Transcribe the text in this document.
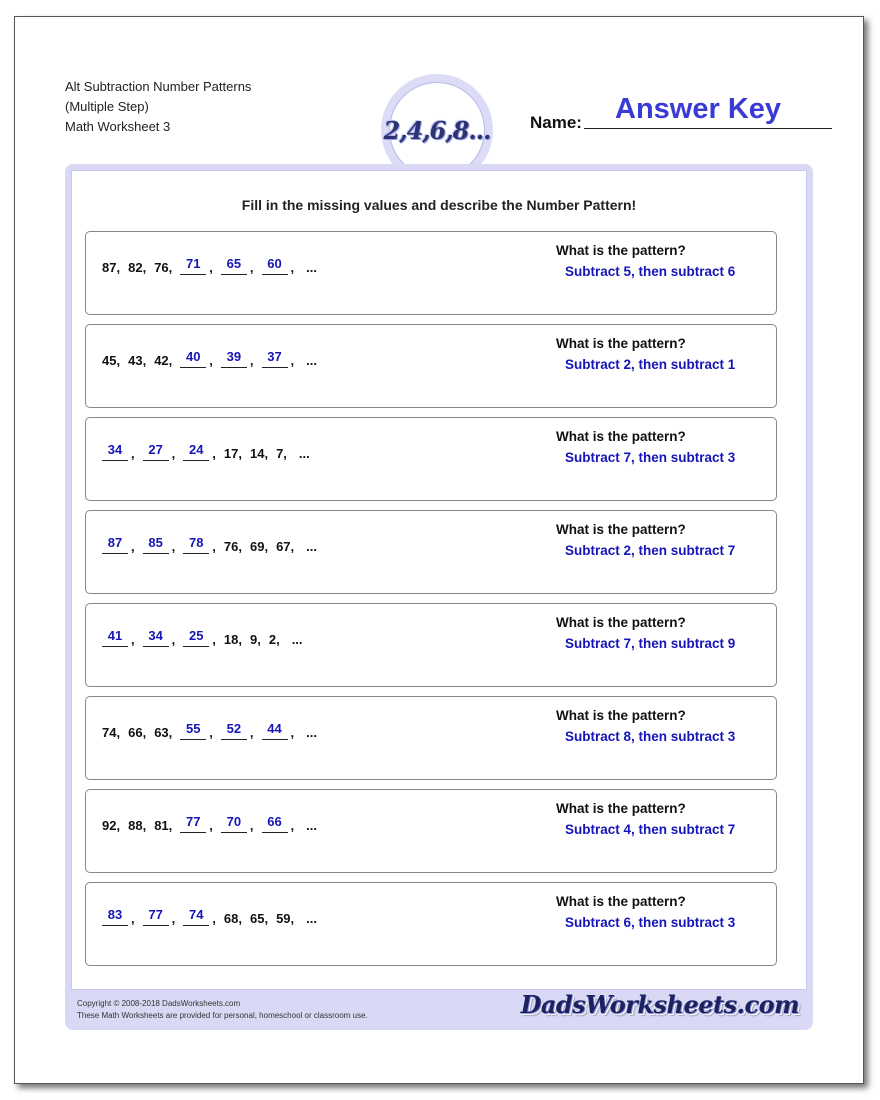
Alt Subtraction Number Patterns
(Multiple Step)
Math Worksheet 3	2,4,6,8... Name: Answer Key
Fill in the missing values and describe the Number Pattern!
87, 82, 76,	71 ,	65 ,	60 , ...
What is the pattern?
Subtract 5, then subtract 6
45, 43, 42,	40 ,	39 ,	37 , ...
What is the pattern?
Subtract 2, then subtract 1
34 ,	27 ,	24 , 17, 14, 7, ...
What is the pattern?
Subtract 7, then subtract 3
87 ,	85 ,	78 , 76, 69, 67, ...
What is the pattern?
Subtract 2, then subtract 7
41 ,	34 ,	25 , 18, 9, 2, ...
What is the pattern?
Subtract 7, then subtract 9
74, 66, 63,	55 ,	52 ,	44 , ...
What is the pattern?
Subtract 8, then subtract 3
92, 88, 81,	77 ,	70 ,	66 , ...
What is the pattern?
Subtract 4, then subtract 7
83 ,	77 ,	74 , 68, 65, 59, ...
What is the pattern?
Subtract 6, then subtract 3
Copyright © 2008-2018 DadsWorksheets.com
These Math Worksheets are provided for personal, homeschool or classroom use.	DadsWorksheets.com
